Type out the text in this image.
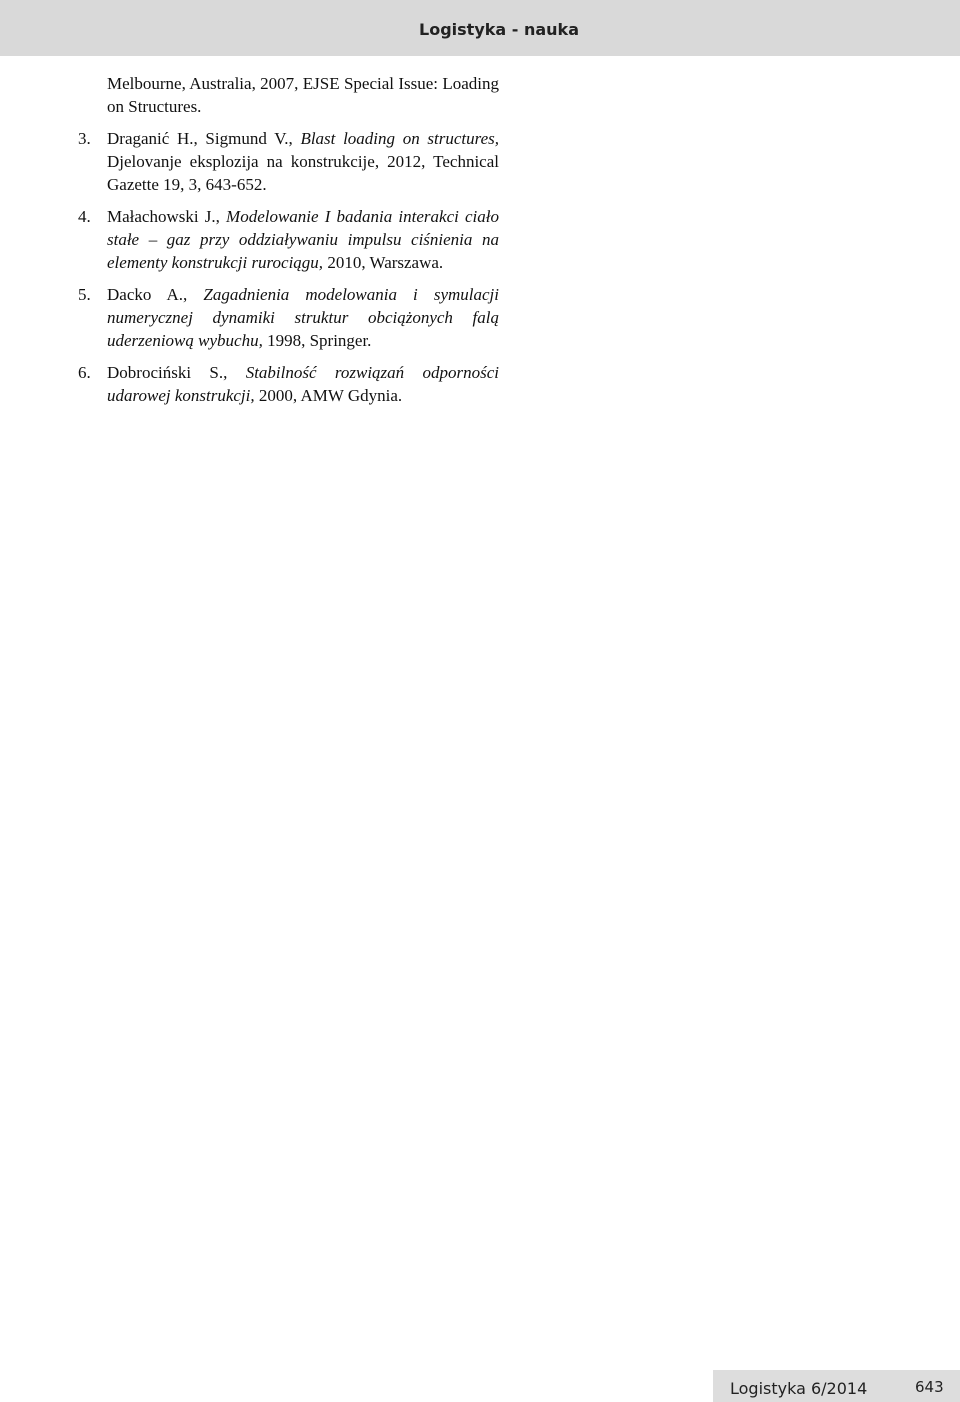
Logistyka - nauka
Melbourne, Australia, 2007, EJSE Special Issue: Loading on Structures.
3. Draganić H., Sigmund V., Blast loading on structures, Djelovanje eksplozija na konstrukcije, 2012, Technical Gazette 19, 3, 643-652.
4. Małachowski J., Modelowanie I badania interakci ciało stałe – gaz przy oddziaływaniu impulsu ciśnienia na elementy konstrukcji rurociągu, 2010, Warszawa.
5. Dacko A., Zagadnienia modelowania i symulacji numerycznej dynamiki struktur obciążonych falą uderzeniową wybuchu, 1998, Springer.
6. Dobrociński S., Stabilność rozwiązań odporności udarowej konstrukcji, 2000, AMW Gdynia.
Logistyka 6/2014	643
